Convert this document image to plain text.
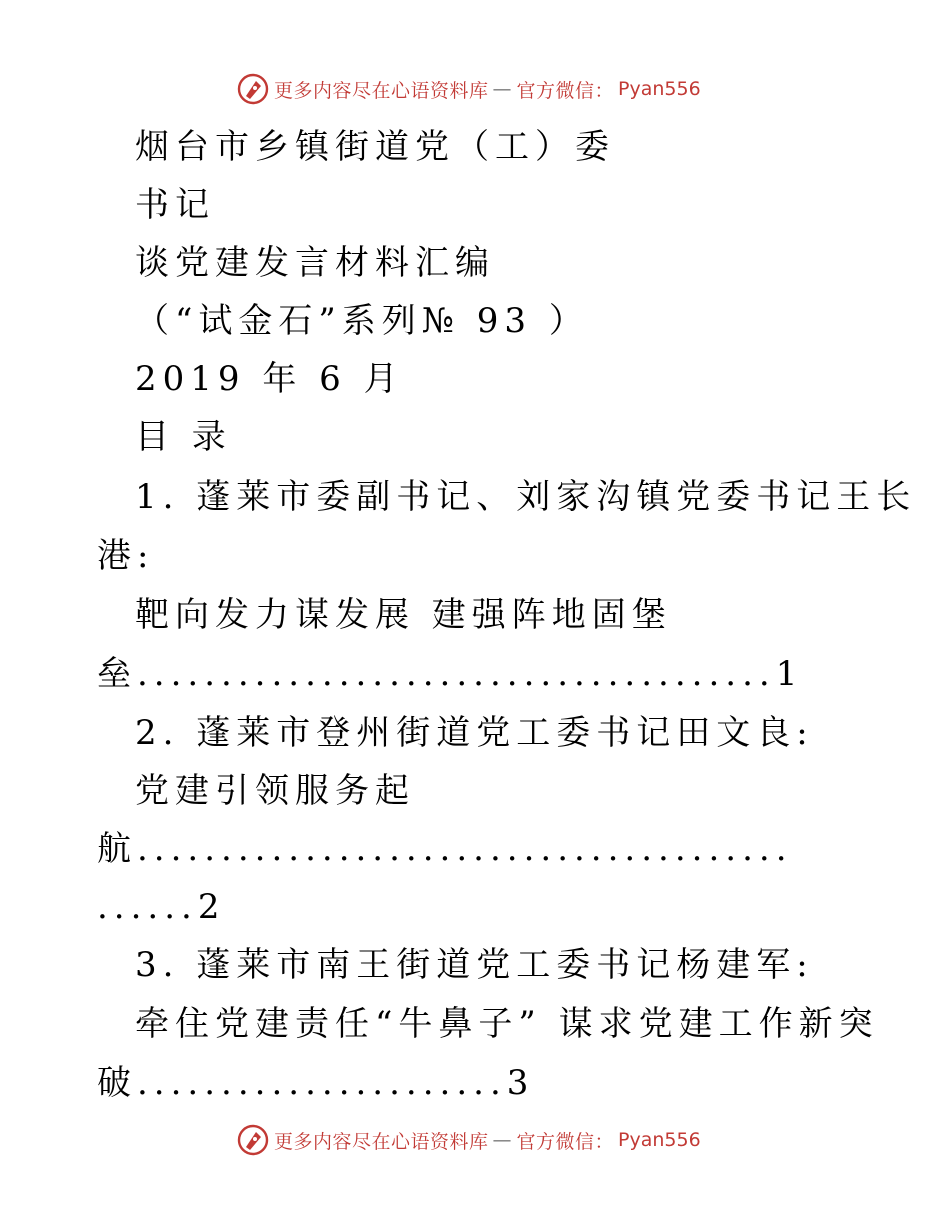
更多内容尽在心语资料库 — 官方微信： Pyan556
烟台市乡镇街道党（工）委
书记
谈党建发言材料汇编
（“试金石”系列№ 93 ）
2019 年 6 月
目 录
1. 蓬莱市委副书记、刘家沟镇党委书记王长
港:
靶向发力谋发展 建强阵地固堡
垒......................................1
2. 蓬莱市登州街道党工委书记田文良:
党建引领服务起
航.......................................
......2
3. 蓬莱市南王街道党工委书记杨建军:
牵住党建责任“牛鼻子” 谋求党建工作新突
破......................3
更多内容尽在心语资料库 — 官方微信： Pyan556
